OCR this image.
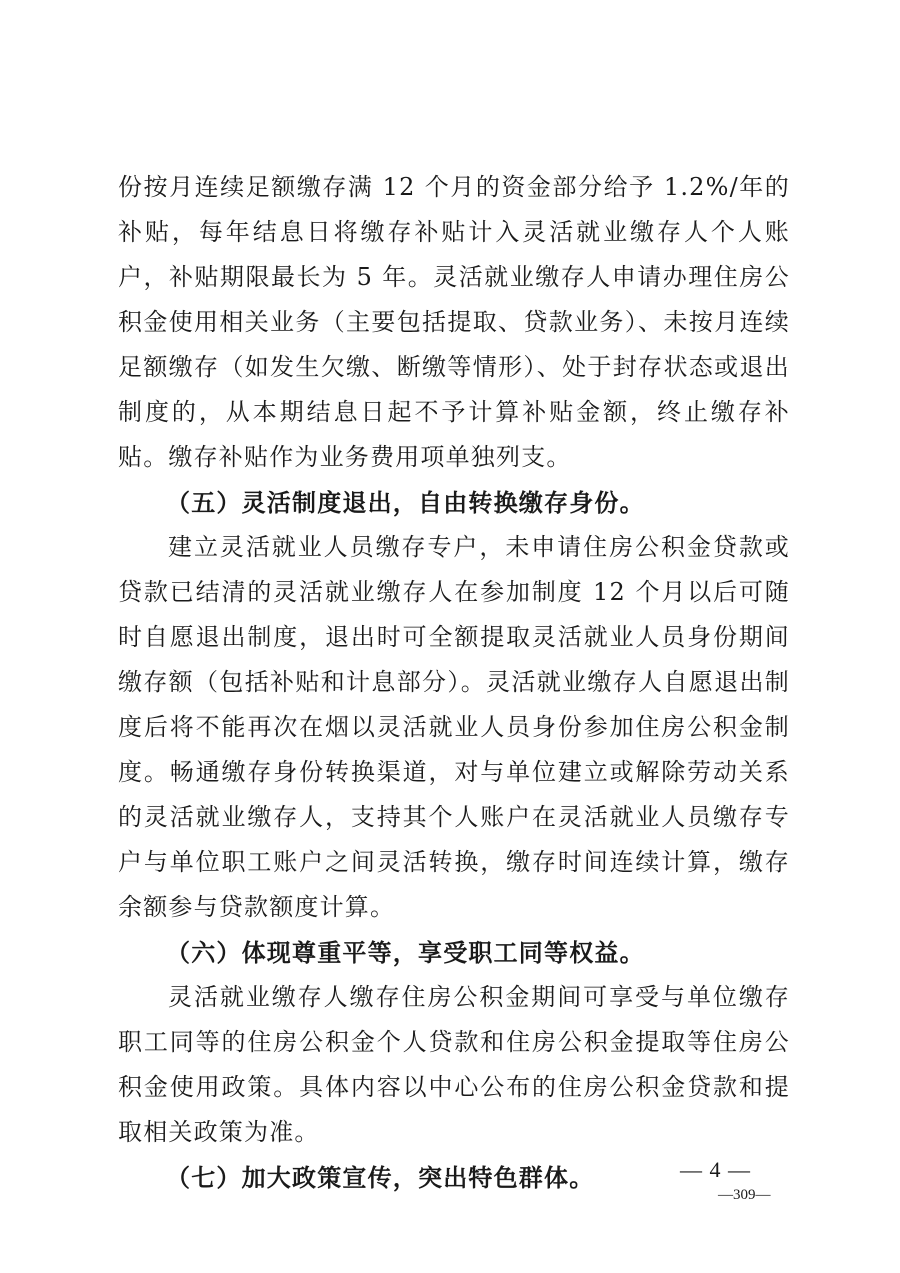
份按月连续足额缴存满 12 个月的资金部分给予 1.2%/年的补贴，每年结息日将缴存补贴计入灵活就业缴存人个人账户，补贴期限最长为 5 年。灵活就业缴存人申请办理住房公积金使用相关业务（主要包括提取、贷款业务）、未按月连续足额缴存（如发生欠缴、断缴等情形）、处于封存状态或退出制度的，从本期结息日起不予计算补贴金额，终止缴存补贴。缴存补贴作为业务费用项单独列支。

（五）灵活制度退出，自由转换缴存身份。

建立灵活就业人员缴存专户，未申请住房公积金贷款或贷款已结清的灵活就业缴存人在参加制度 12 个月以后可随时自愿退出制度，退出时可全额提取灵活就业人员身份期间缴存额（包括补贴和计息部分）。灵活就业缴存人自愿退出制度后将不能再次在烟以灵活就业人员身份参加住房公积金制度。畅通缴存身份转换渠道，对与单位建立或解除劳动关系的灵活就业缴存人，支持其个人账户在灵活就业人员缴存专户与单位职工账户之间灵活转换，缴存时间连续计算，缴存余额参与贷款额度计算。

（六）体现尊重平等，享受职工同等权益。

灵活就业缴存人缴存住房公积金期间可享受与单位缴存职工同等的住房公积金个人贷款和住房公积金提取等住房公积金使用政策。具体内容以中心公布的住房公积金贷款和提取相关政策为准。

（七）加大政策宣传，突出特色群体。	— 4 —
—309—
